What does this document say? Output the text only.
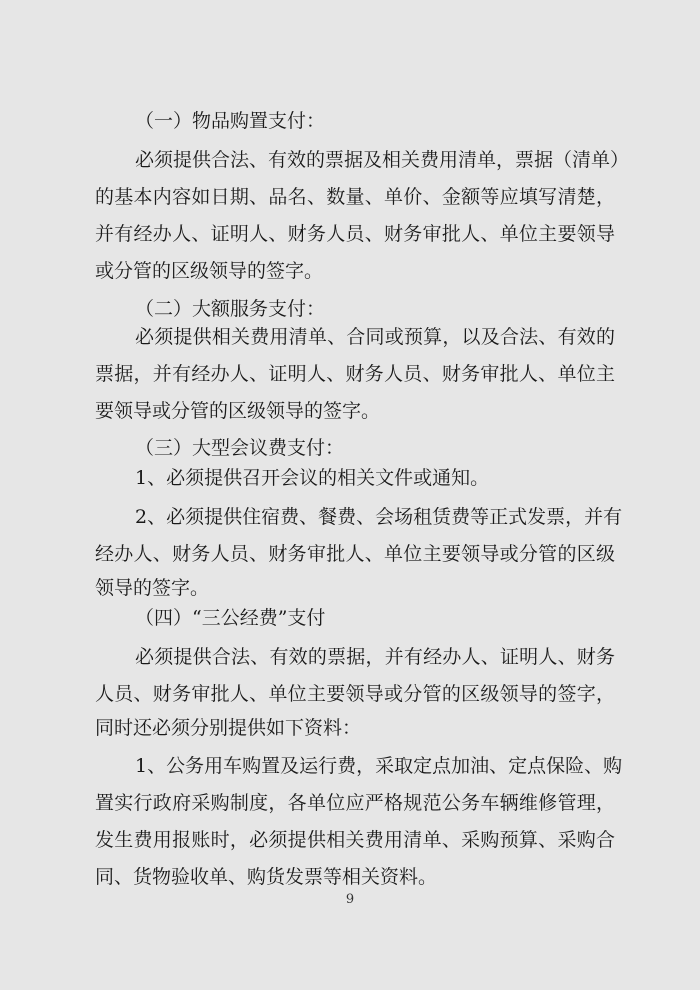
（一）物品购置支付：
必须提供合法、有效的票据及相关费用清单，票据（清单）
的基本内容如日期、品名、数量、单价、金额等应填写清楚，
并有经办人、证明人、财务人员、财务审批人、单位主要领导
或分管的区级领导的签字。
（二）大额服务支付：
必须提供相关费用清单、合同或预算，以及合法、有效的
票据，并有经办人、证明人、财务人员、财务审批人、单位主
要领导或分管的区级领导的签字。
（三）大型会议费支付：
1、必须提供召开会议的相关文件或通知。
2、必须提供住宿费、餐费、会场租赁费等正式发票，并有
经办人、财务人员、财务审批人、单位主要领导或分管的区级
领导的签字。
（四）“三公经费”支付
必须提供合法、有效的票据，并有经办人、证明人、财务
人员、财务审批人、单位主要领导或分管的区级领导的签字，
同时还必须分别提供如下资料：
1、公务用车购置及运行费，采取定点加油、定点保险、购
置实行政府采购制度，各单位应严格规范公务车辆维修管理，
发生费用报账时，必须提供相关费用清单、采购预算、采购合
同、货物验收单、购货发票等相关资料。
9
